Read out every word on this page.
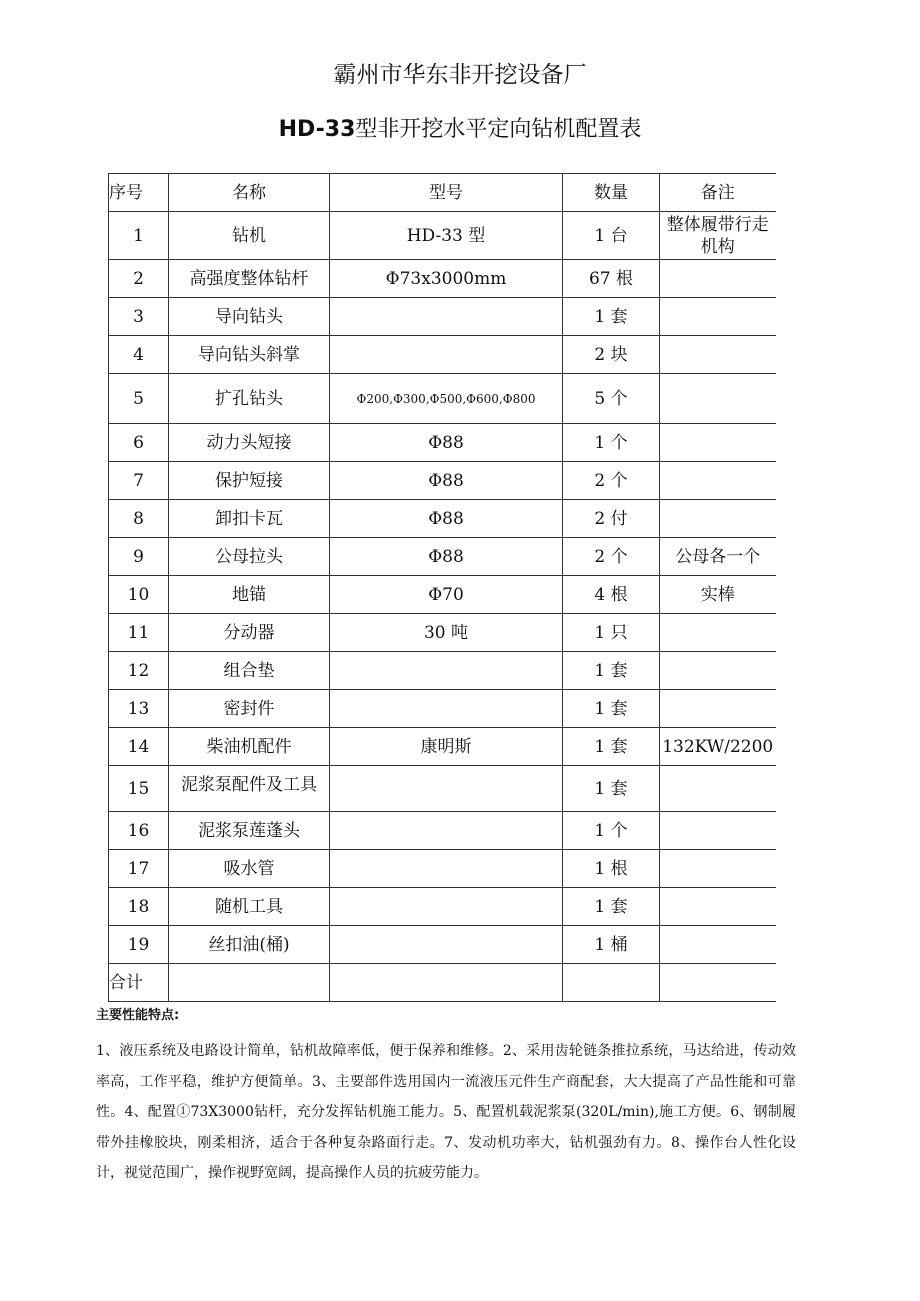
霸州市华东非开挖设备厂
HD-33型非开挖水平定向钻机配置表
序号	名称	型号	数量	备注
1	钻机	HD-33 型	1 台	整体履带行走机构
2	高强度整体钻杆	Φ73x3000mm	67 根	
3	导向钻头		1 套	
4	导向钻头斜掌		2 块	
5	扩孔钻头	Φ200,Φ300,Φ500,Φ600,Φ800	5 个	
6	动力头短接	Φ88	1 个	
7	保护短接	Φ88	2 个	
8	卸扣卡瓦	Φ88	2 付	
9	公母拉头	Φ88	2 个	公母各一个
10	地锚	Φ70	4 根	实棒
11	分动器	30 吨	1 只	
12	组合垫		1 套	
13	密封件		1 套	
14	柴油机配件	康明斯	1 套	132KW/2200
15	泥浆泵配件及工具		1 套	
16	泥浆泵莲蓬头		1 个	
17	吸水管		1 根	
18	随机工具		1 套	
19	丝扣油(桶)		1 桶	
合计				
主要性能特点:
1、液压系统及电路设计简单，钻机故障率低，便于保养和维修。2、采用齿轮链条推拉系统，马达给进，传动效率高，工作平稳，维护方便简单。3、主要部件选用国内一流液压元件生产商配套，大大提高了产品性能和可靠性。4、配置①73X3000钻杆，充分发挥钻机施工能力。5、配置机载泥浆泵(320L/min),施工方便。6、钢制履带外挂橡胶块，刚柔相济，适合于各种复杂路面行走。7、发动机功率大，钻机强劲有力。8、操作台人性化设计，视觉范围广，操作视野宽阔，提高操作人员的抗疲劳能力。
